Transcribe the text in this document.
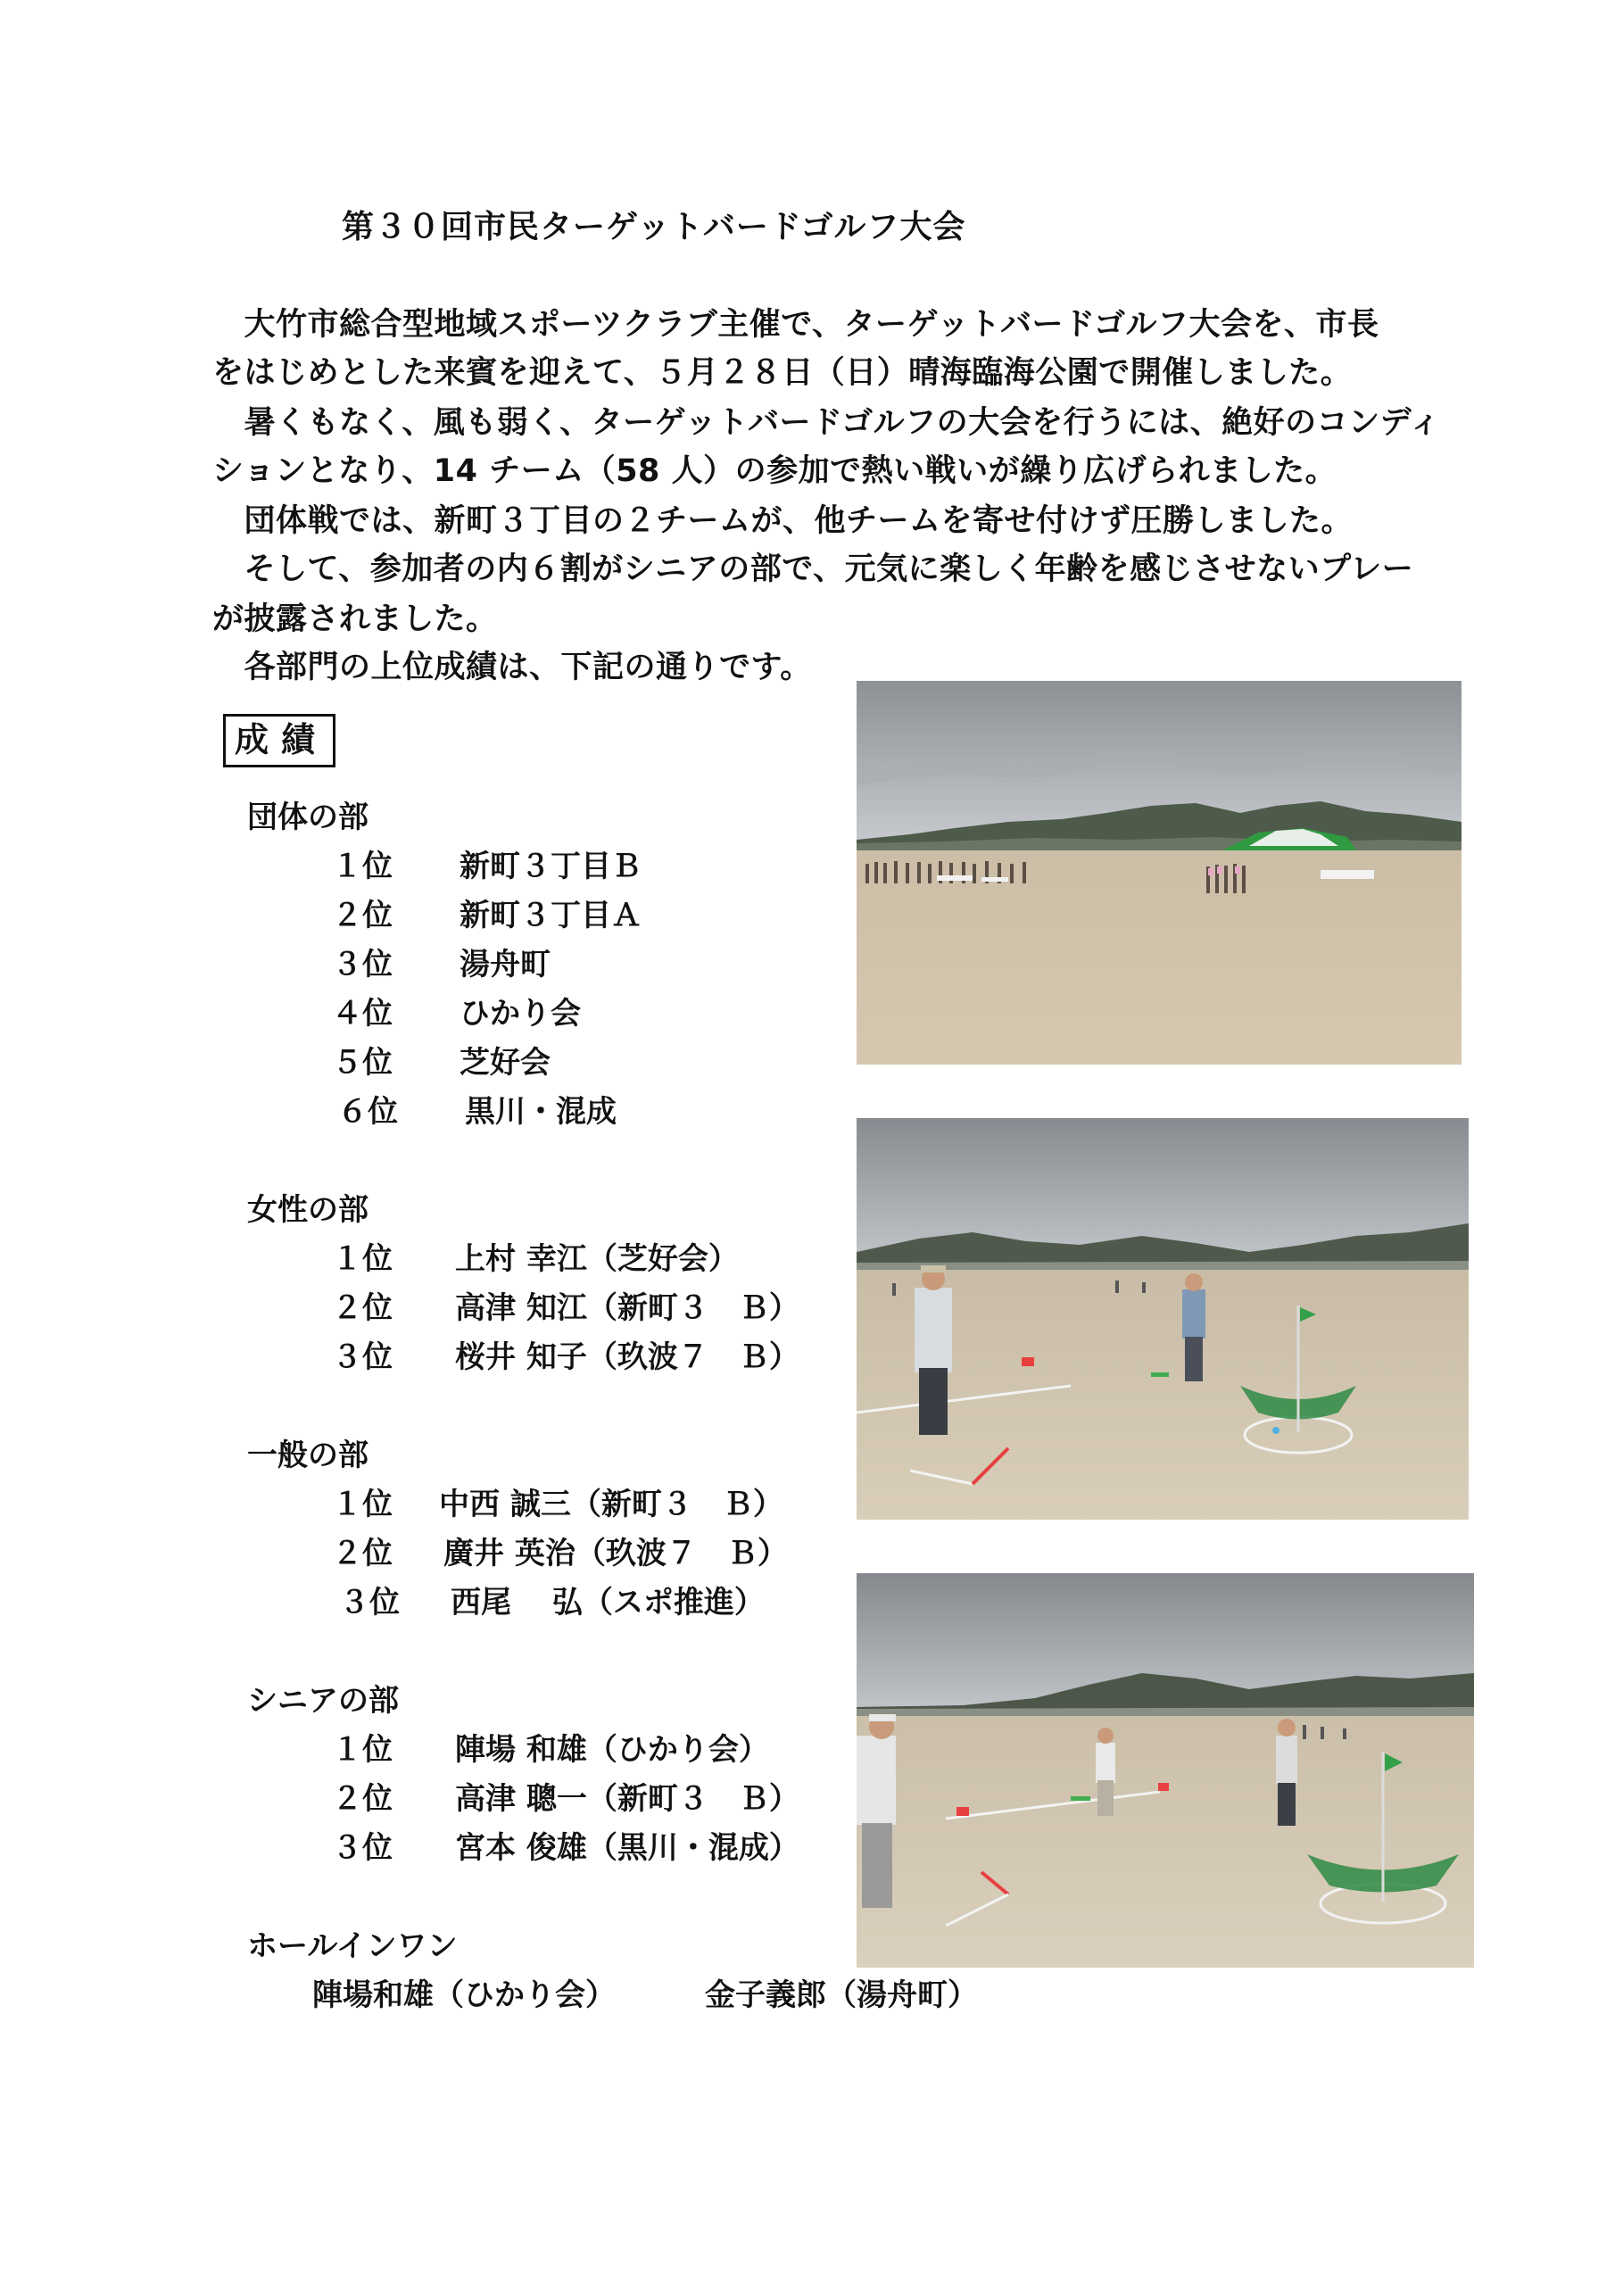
第３０回市民ターゲットバードゴルフ大会
　大竹市総合型地域スポーツクラブ主催で、ターゲットバードゴルフ大会を、市長
をはじめとした来賓を迎えて、５月２８日（日）晴海臨海公園で開催しました。
　暑くもなく、風も弱く、ターゲットバードゴルフの大会を行うには、絶好のコンディ
ションとなり、14 チーム（58 人）の参加で熱い戦いが繰り広げられました。
　団体戦では、新町３丁目の２チームが、他チームを寄せ付けず圧勝しました。
　そして、参加者の内６割がシニアの部で、元気に楽しく年齢を感じさせないプレー
が披露されました。
　各部門の上位成績は、下記の通りです。
成績
団体の部
１位 新町３丁目Ｂ
２位 新町３丁目Ａ
３位 湯舟町
４位 ひかり会
５位 芝好会
６位 黒川・混成
女性の部
１位 上村 幸江（芝好会）
２位 高津 知江（新町３　Ｂ）
３位 桜井 知子（玖波７　Ｂ）
一般の部
１位 中西 誠三（新町３　Ｂ）
２位 廣井 英治（玖波７　Ｂ）
３位 西尾　 弘（スポ推進）
シニアの部
１位 陣場 和雄（ひかり会）
２位 高津 聰一（新町３　Ｂ）
３位 宮本 俊雄（黒川・混成）
ホールインワン
陣場和雄（ひかり会）	金子義郎（湯舟町）
